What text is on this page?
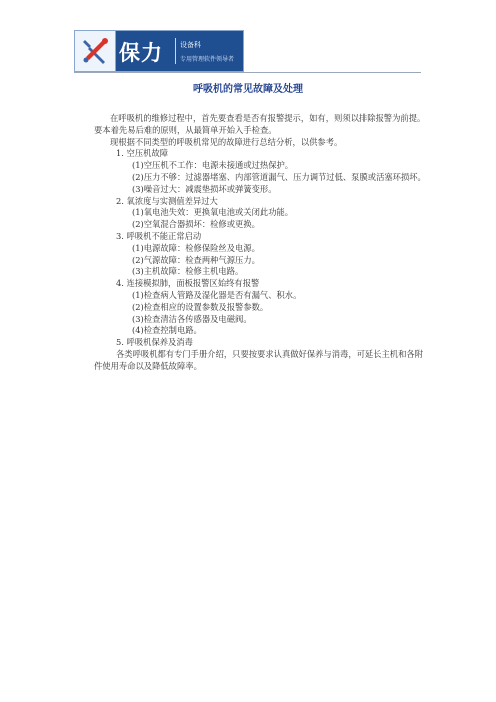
保力 设备科
专用管理软件领导者
呼吸机的常见故障及处理

在呼吸机的维修过程中，首先要查看是否有报警提示，如有，则须以排除报警为前提。要本着先易后难的原则，从最简单开始入手检查。

现根据不同类型的呼吸机常见的故障进行总结分析，以供参考。

1. 空压机故障
(1)空压机不工作：电源未接通或过热保护。
(2)压力不够：过滤器堵塞、内部管道漏气、压力调节过低、泵膜或活塞环损坏。
(3)噪音过大：减震垫损坏或弹簧变形。
2. 氧浓度与实测值差异过大
(1)氧电池失效：更换氧电池或关闭此功能。
(2)空氧混合器损坏：检修或更换。
3. 呼吸机不能正常启动
(1)电源故障：检修保险丝及电源。
(2)气源故障：检查两种气源压力。
(3)主机故障：检修主机电路。
4. 连接模拟肺，面板报警区始终有报警
(1)检查病人管路及湿化器是否有漏气、积水。
(2)检查相应的设置参数及报警参数。
(3)检查清洁各传感器及电磁阀。
(4)检查控制电路。
5. 呼吸机保养及消毒

各类呼吸机都有专门手册介绍，只要按要求认真做好保养与消毒，可延长主机和各附件使用寿命以及降低故障率。
